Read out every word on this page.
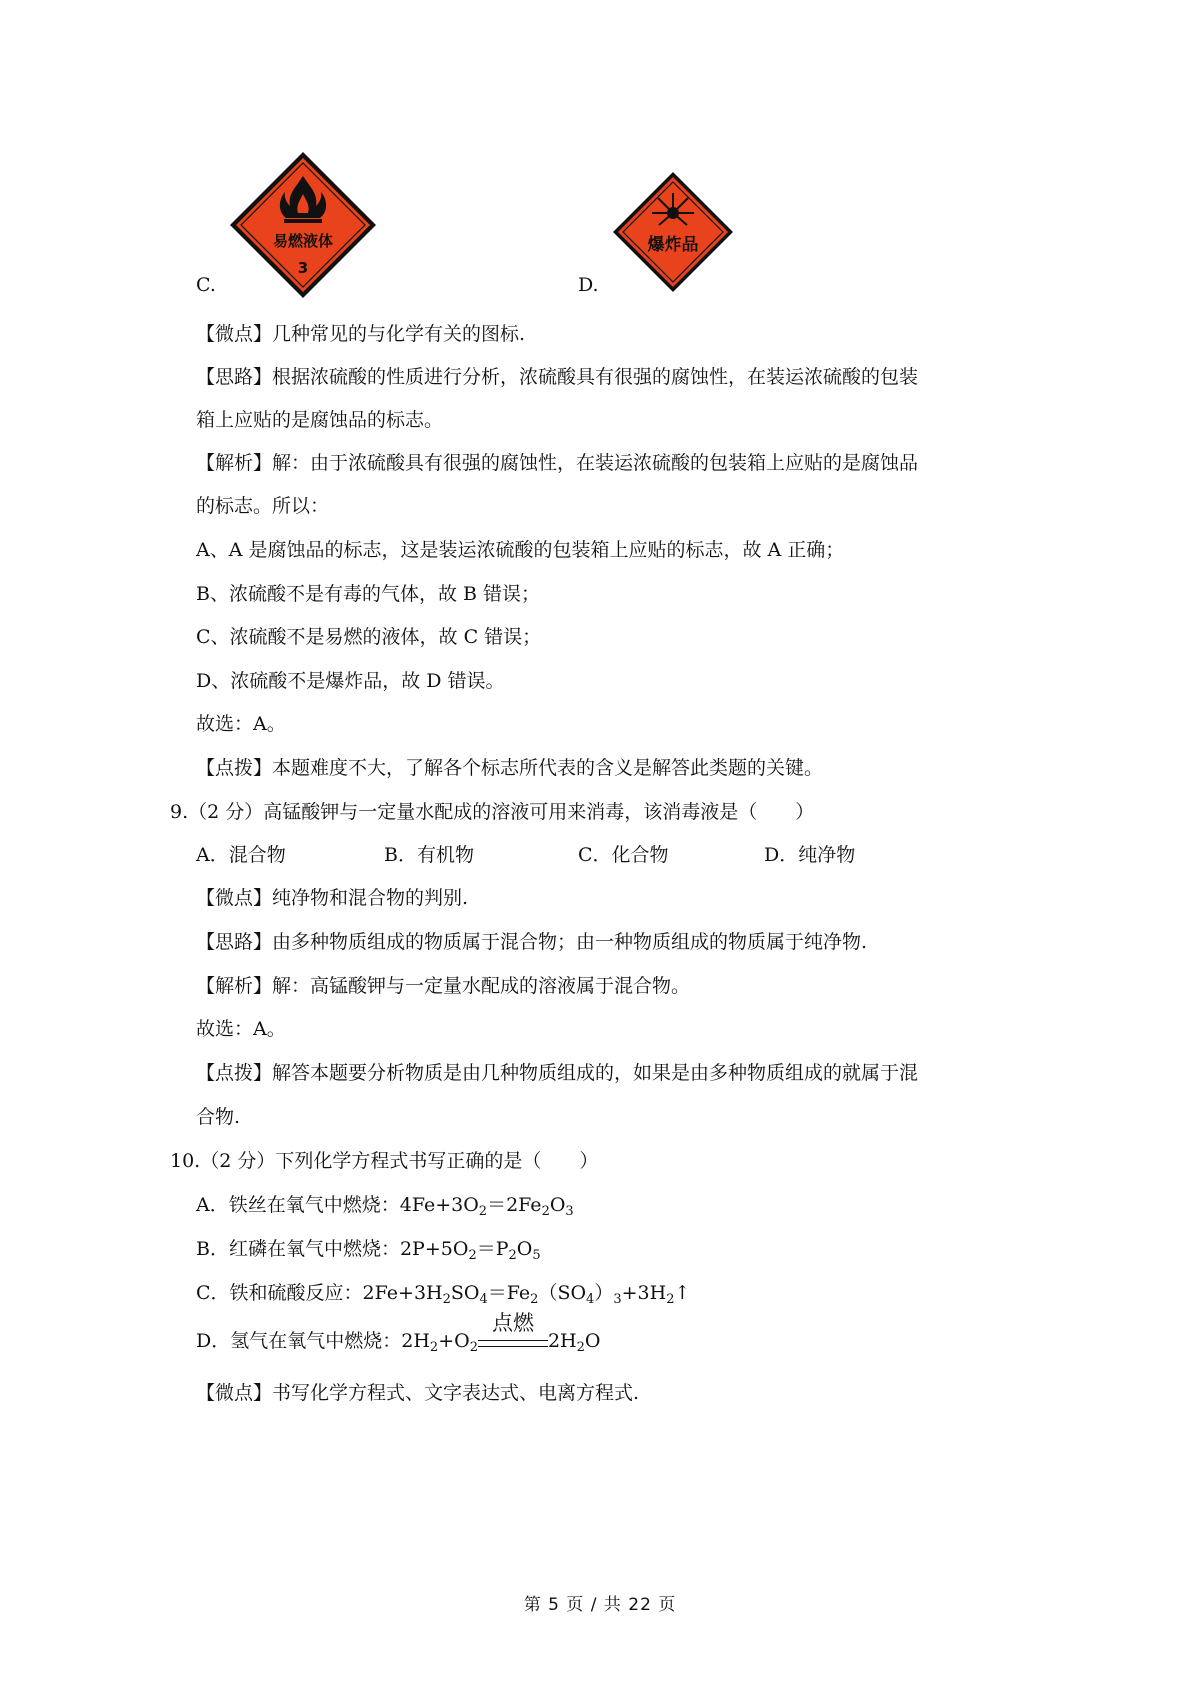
易燃液体
3
C.
爆炸品
D.
【微点】几种常见的与化学有关的图标.
【思路】根据浓硫酸的性质进行分析，浓硫酸具有很强的腐蚀性，在装运浓硫酸的包装
箱上应贴的是腐蚀品的标志。
【解析】解：由于浓硫酸具有很强的腐蚀性，在装运浓硫酸的包装箱上应贴的是腐蚀品
的标志。所以：
A、A 是腐蚀品的标志，这是装运浓硫酸的包装箱上应贴的标志，故 A 正确；
B、浓硫酸不是有毒的气体，故 B 错误；
C、浓硫酸不是易燃的液体，故 C 错误；
D、浓硫酸不是爆炸品，故 D 错误。
故选：A。
【点拨】本题难度不大，了解各个标志所代表的含义是解答此类题的关键。
9.（2 分）高锰酸钾与一定量水配成的溶液可用来消毒，该消毒液是（　　）
A．混合物	B．有机物	C．化合物	D．纯净物
【微点】纯净物和混合物的判别.
【思路】由多种物质组成的物质属于混合物；由一种物质组成的物质属于纯净物.
【解析】解：高锰酸钾与一定量水配成的溶液属于混合物。
故选：A。
【点拨】解答本题要分析物质是由几种物质组成的，如果是由多种物质组成的就属于混
合物.
10.（2 分）下列化学方程式书写正确的是（　　）
A．铁丝在氧气中燃烧：$4Fe+3O_2=2Fe_2O_3$
B．红磷在氧气中燃烧：$2P+5O_2=P_2O_5$
C．铁和硫酸反应：$2Fe+3H_2SO_4=Fe_2(SO_4)_3+3H_2↑$
D．氢气在氧气中燃烧：$2H_2+O_2$
点燃
$2H_2O$
【微点】书写化学方程式、文字表达式、电离方程式.
第 5 页 / 共 22 页
